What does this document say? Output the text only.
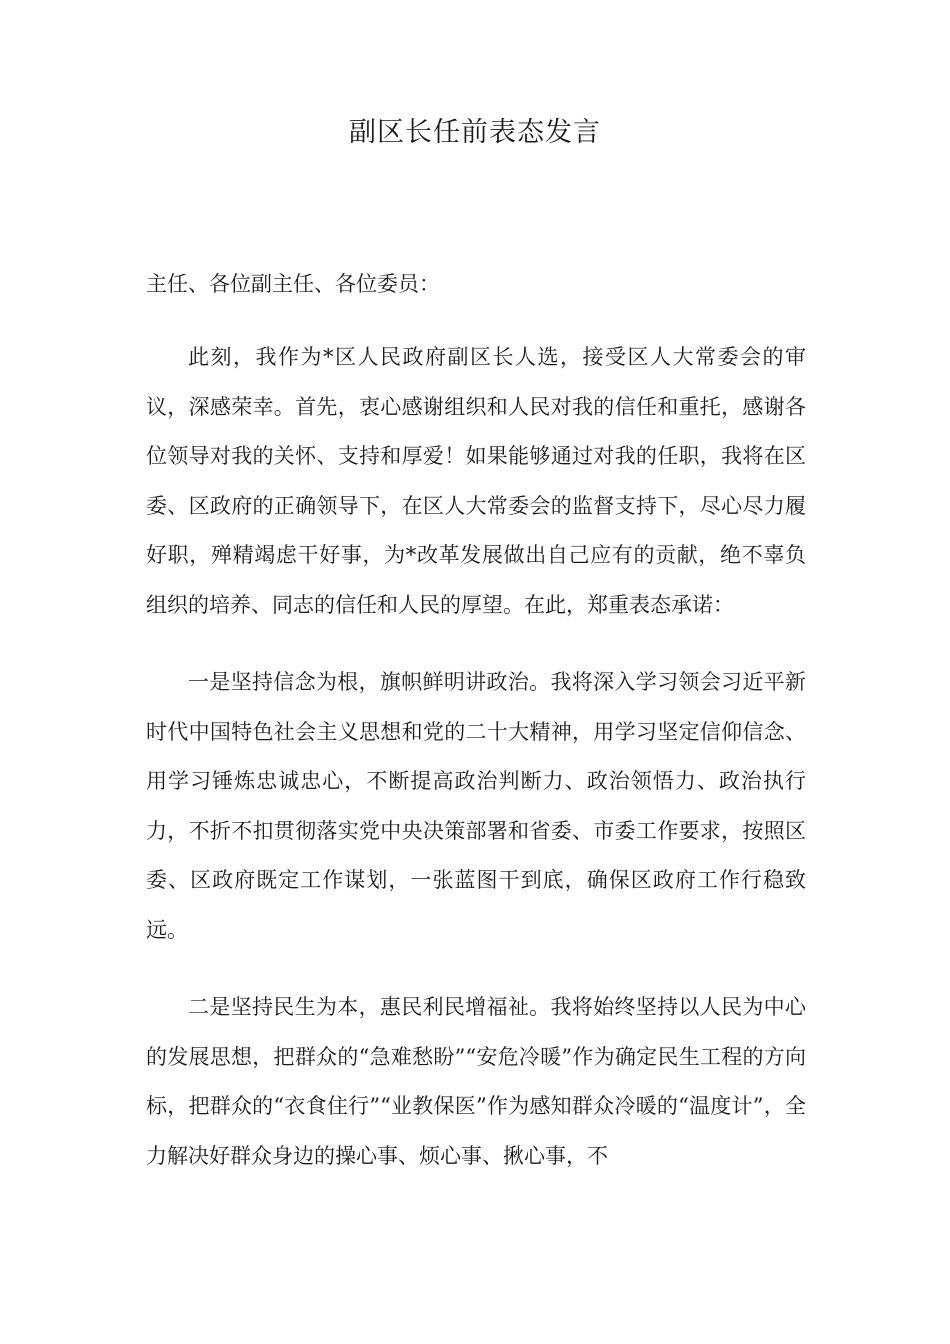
副区长任前表态发言

主任、各位副主任、各位委员：

此刻，我作为*区人民政府副区长人选，接受区人大常委会的审议，深感荣幸。首先，衷心感谢组织和人民对我的信任和重托，感谢各位领导对我的关怀、支持和厚爱！如果能够通过对我的任职，我将在区委、区政府的正确领导下，在区人大常委会的监督支持下，尽心尽力履好职，殚精竭虑干好事，为*改革发展做出自己应有的贡献，绝不辜负组织的培养、同志的信任和人民的厚望。在此，郑重表态承诺：

一是坚持信念为根，旗帜鲜明讲政治。我将深入学习领会习近平新时代中国特色社会主义思想和党的二十大精神，用学习坚定信仰信念、用学习锤炼忠诚忠心，不断提高政治判断力、政治领悟力、政治执行力，不折不扣贯彻落实党中央决策部署和省委、市委工作要求，按照区委、区政府既定工作谋划，一张蓝图干到底，确保区政府工作行稳致远。

二是坚持民生为本，惠民利民增福祉。我将始终坚持以人民为中心的发展思想，把群众的“急难愁盼”“安危冷暖”作为确定民生工程的方向标，把群众的“衣食住行”“业教保医”作为感知群众冷暖的“温度计”，全力解决好群众身边的操心事、烦心事、揪心事，不
